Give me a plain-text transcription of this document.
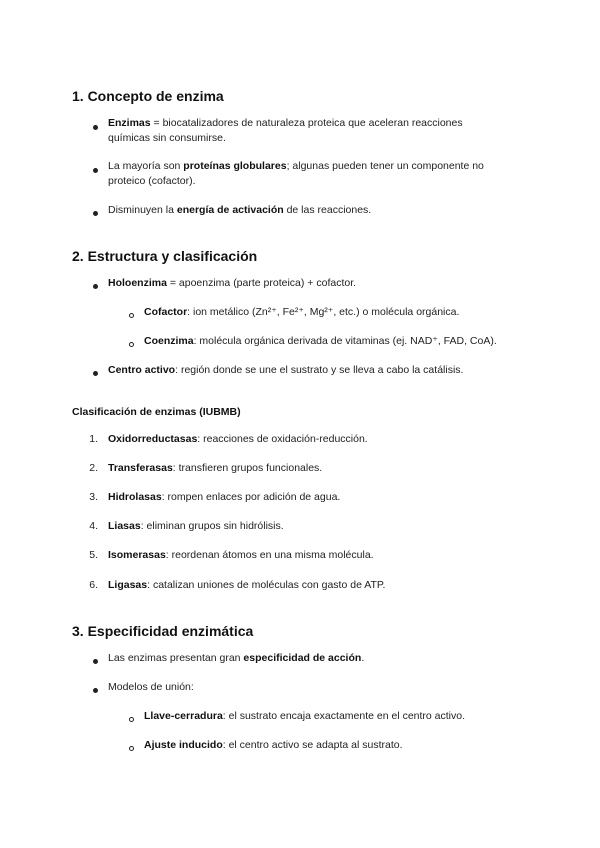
1. Concepto de enzima
Enzimas = biocatalizadores de naturaleza proteica que aceleran reacciones
químicas sin consumirse.
La mayoría son proteínas globulares; algunas pueden tener un componente no
proteico (cofactor).
Disminuyen la energía de activación de las reacciones.
2. Estructura y clasificación
Holoenzima = apoenzima (parte proteica) + cofactor.
Cofactor: ion metálico (Zn²⁺, Fe²⁺, Mg²⁺, etc.) o molécula orgánica.
Coenzima: molécula orgánica derivada de vitaminas (ej. NAD⁺, FAD, CoA).
Centro activo: región donde se une el sustrato y se lleva a cabo la catálisis.
Clasificación de enzimas (IUBMB)
1. Oxidorreductasas: reacciones de oxidación-reducción.
2. Transferasas: transfieren grupos funcionales.
3. Hidrolasas: rompen enlaces por adición de agua.
4. Liasas: eliminan grupos sin hidrólisis.
5. Isomerasas: reordenan átomos en una misma molécula.
6. Ligasas: catalizan uniones de moléculas con gasto de ATP.
3. Especificidad enzimática
Las enzimas presentan gran especificidad de acción.
Modelos de unión:
Llave-cerradura: el sustrato encaja exactamente en el centro activo.
Ajuste inducido: el centro activo se adapta al sustrato.
